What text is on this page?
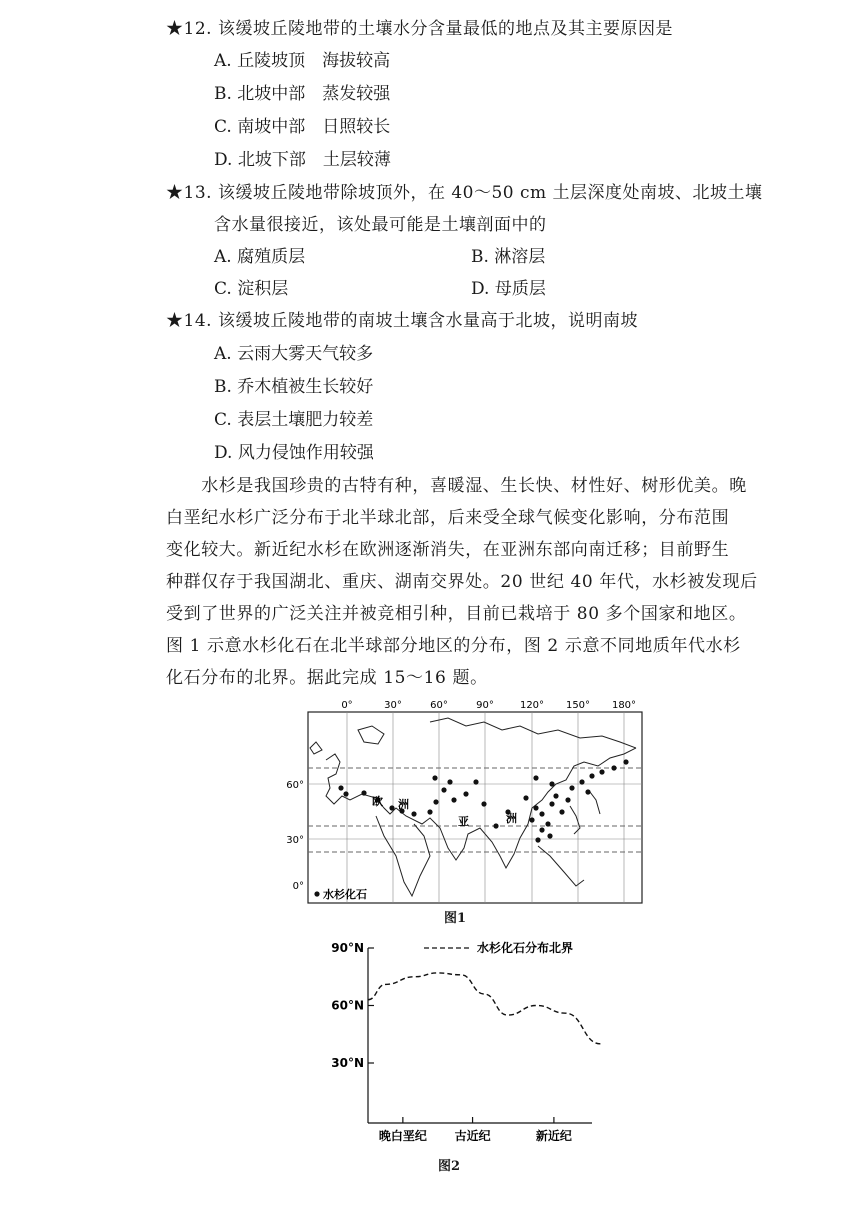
★12. 该缓坡丘陵地带的土壤水分含量最低的地点及其主要原因是
A. 丘陵坡顶　海拔较高
B. 北坡中部　蒸发较强
C. 南坡中部　日照较长
D. 北坡下部　土层较薄
★13. 该缓坡丘陵地带除坡顶外，在 40～50 cm 土层深度处南坡、北坡土壤
含水量很接近，该处最可能是土壤剖面中的
A. 腐殖质层	B. 淋溶层
C. 淀积层	D. 母质层
★14. 该缓坡丘陵地带的南坡土壤含水量高于北坡，说明南坡
A. 云雨大雾天气较多
B. 乔木植被生长较好
C. 表层土壤肥力较差
D. 风力侵蚀作用较强
　　水杉是我国珍贵的古特有种，喜暖湿、生长快、材性好、树形优美。晚
白垩纪水杉广泛分布于北半球北部，后来受全球气候变化影响，分布范围
变化较大。新近纪水杉在欧洲逐渐消失，在亚洲东部向南迁移；目前野生
种群仅存于我国湖北、重庆、湖南交界处。20 世纪 40 年代，水杉被发现后
受到了世界的广泛关注并被竞相引种，目前已栽培于 80 多个国家和地区。
图 1 示意水杉化石在北半球部分地区的分布，图 2 示意不同地质年代水杉
化石分布的北界。据此完成 15～16 题。
0°	30°	60°	90°	120° 150° 180°
60°
30°
0°
欧 洲
亚	洲
水杉化石
图1
90°N
60°N
30°N
晚白垩纪 古近纪	新近纪
水杉化石分布北界
图2
